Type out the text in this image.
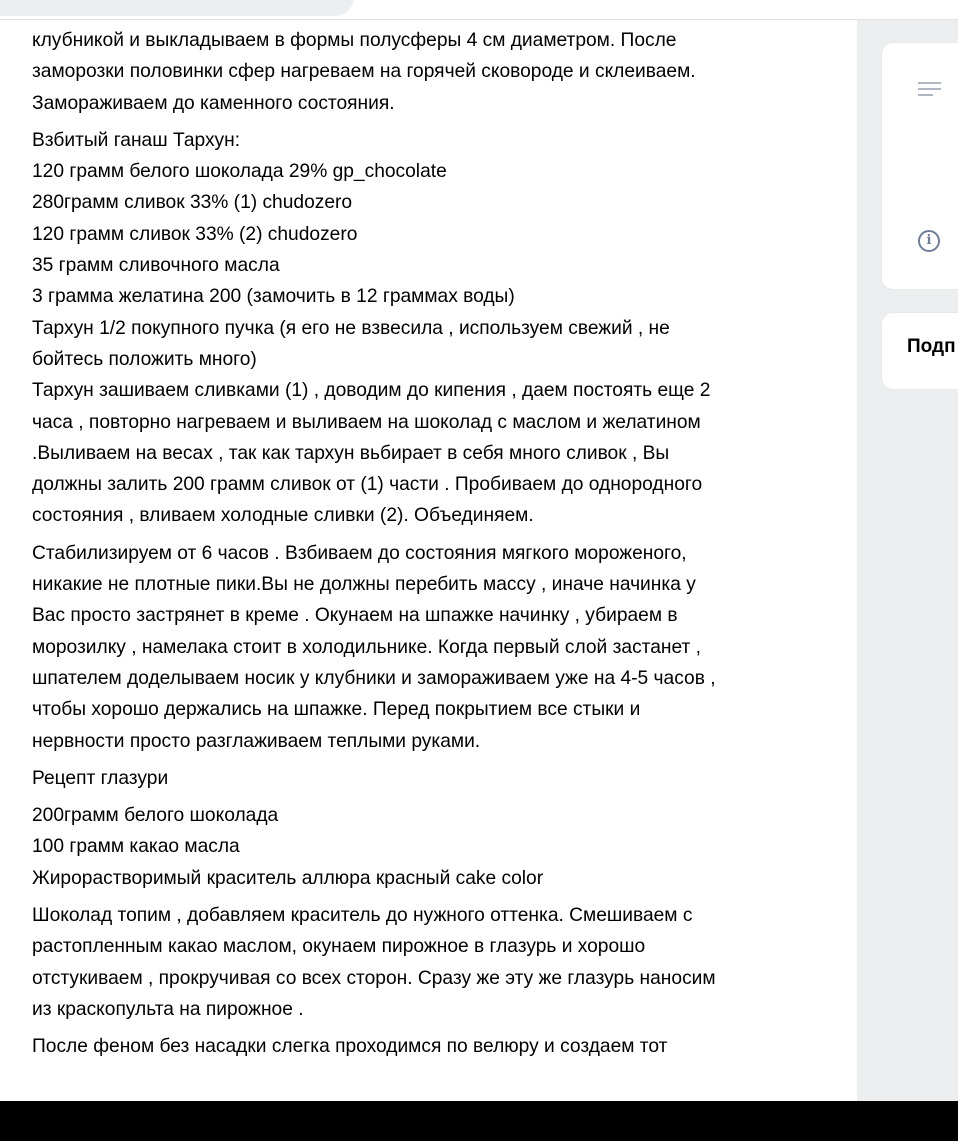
клубникой и выкладываем в формы полусферы 4 см диаметром. После
заморозки половинки сфер нагреваем на горячей сковороде и склеиваем.
Замораживаем до каменного состояния.

Взбитый ганаш Тархун:
120 грамм белого шоколада 29% gp_chocolate
280грамм сливок 33% (1) chudozero
120 грамм сливок 33% (2) chudozero
35 грамм сливочного масла
3 грамма желатина 200 (замочить в 12 граммах воды)
Тархун 1/2 покупного пучка (я его не взвесила , используем свежий , не
бойтесь положить много)
Тархун зашиваем сливками (1) , доводим до кипения , даем постоять еще 2
часа , повторно нагреваем и выливаем на шоколад с маслом и желатином
.Выливаем на весах , так как тархун вьбирает в себя много сливок , Вы
должны залить 200 грамм сливок от (1) части . Пробиваем до однородного
состояния , вливаем холодные сливки (2). Объединяем.

Стабилизируем от 6 часов . Взбиваем до состояния мягкого мороженого,
никакие не плотные пики.Вы не должны перебить массу , иначе начинка у
Вас просто застрянет в креме . Окунаем на шпажке начинку , убираем в
морозилку , намелака стоит в холодильнике. Когда первый слой застанет ,
шпателем доделываем носик у клубники и замораживаем уже на 4-5 часов ,
чтобы хорошо держались на шпажке. Перед покрытием все стыки и
нервности просто разглаживаем теплыми руками.

Рецепт глазури

200грамм белого шоколада
100 грамм какао масла
Жирорастворимый краситель аллюра красный cake color

Шоколад топим , добавляем краситель до нужного оттенка. Смешиваем с
растопленным какао маслом, окунаем пирожное в глазурь и хорошо
отстукиваем , прокручивая со всех сторон. Сразу же эту же глазурь наносим
из краскопульта на пирожное .

После феном без насадки слегка проходимся по велюру и создаем тот

i
Подп
